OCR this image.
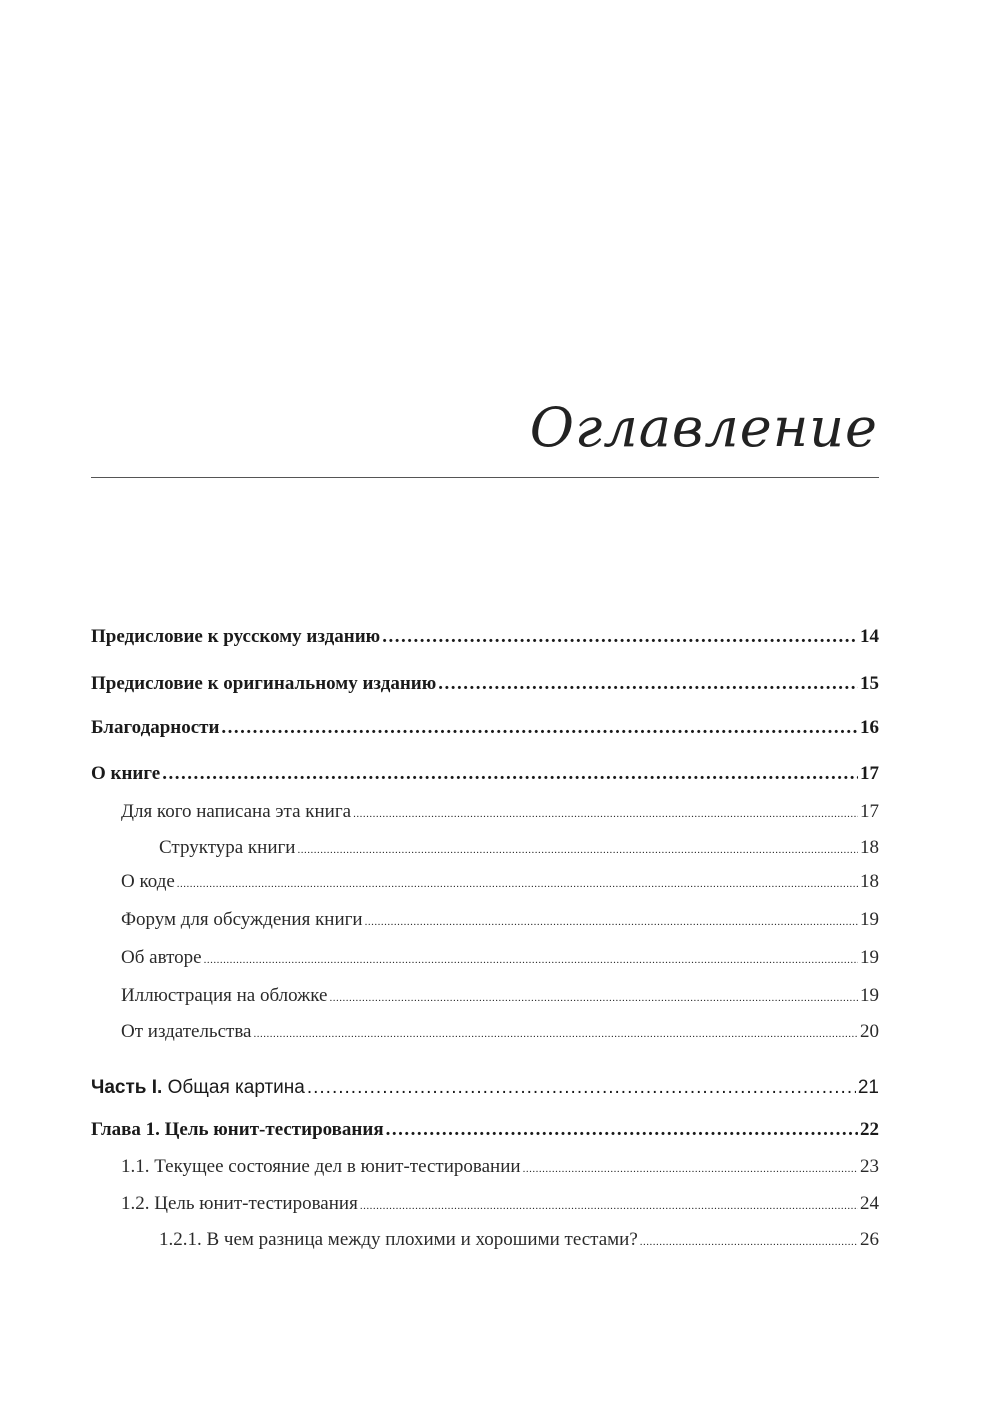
Оглавление
Предисловие к русскому изданию .....	14
Предисловие к оригинальному изданию .....	15
Благодарности .....	16
О книге .....	17
Для кого написана эта книга .....	17
Структура книги .....	18
О коде .....	18
Форум для обсуждения книги .....	19
Об авторе .....	19
Иллюстрация на обложке .....	19
От издательства .....	20
Часть I. Общая картина .....	21
Глава 1. Цель юнит-тестирования .....	22
1.1. Текущее состояние дел в юнит-тестировании .....	23
1.2. Цель юнит-тестирования .....	24
1.2.1. В чем разница между плохими и хорошими тестами? .....	26
